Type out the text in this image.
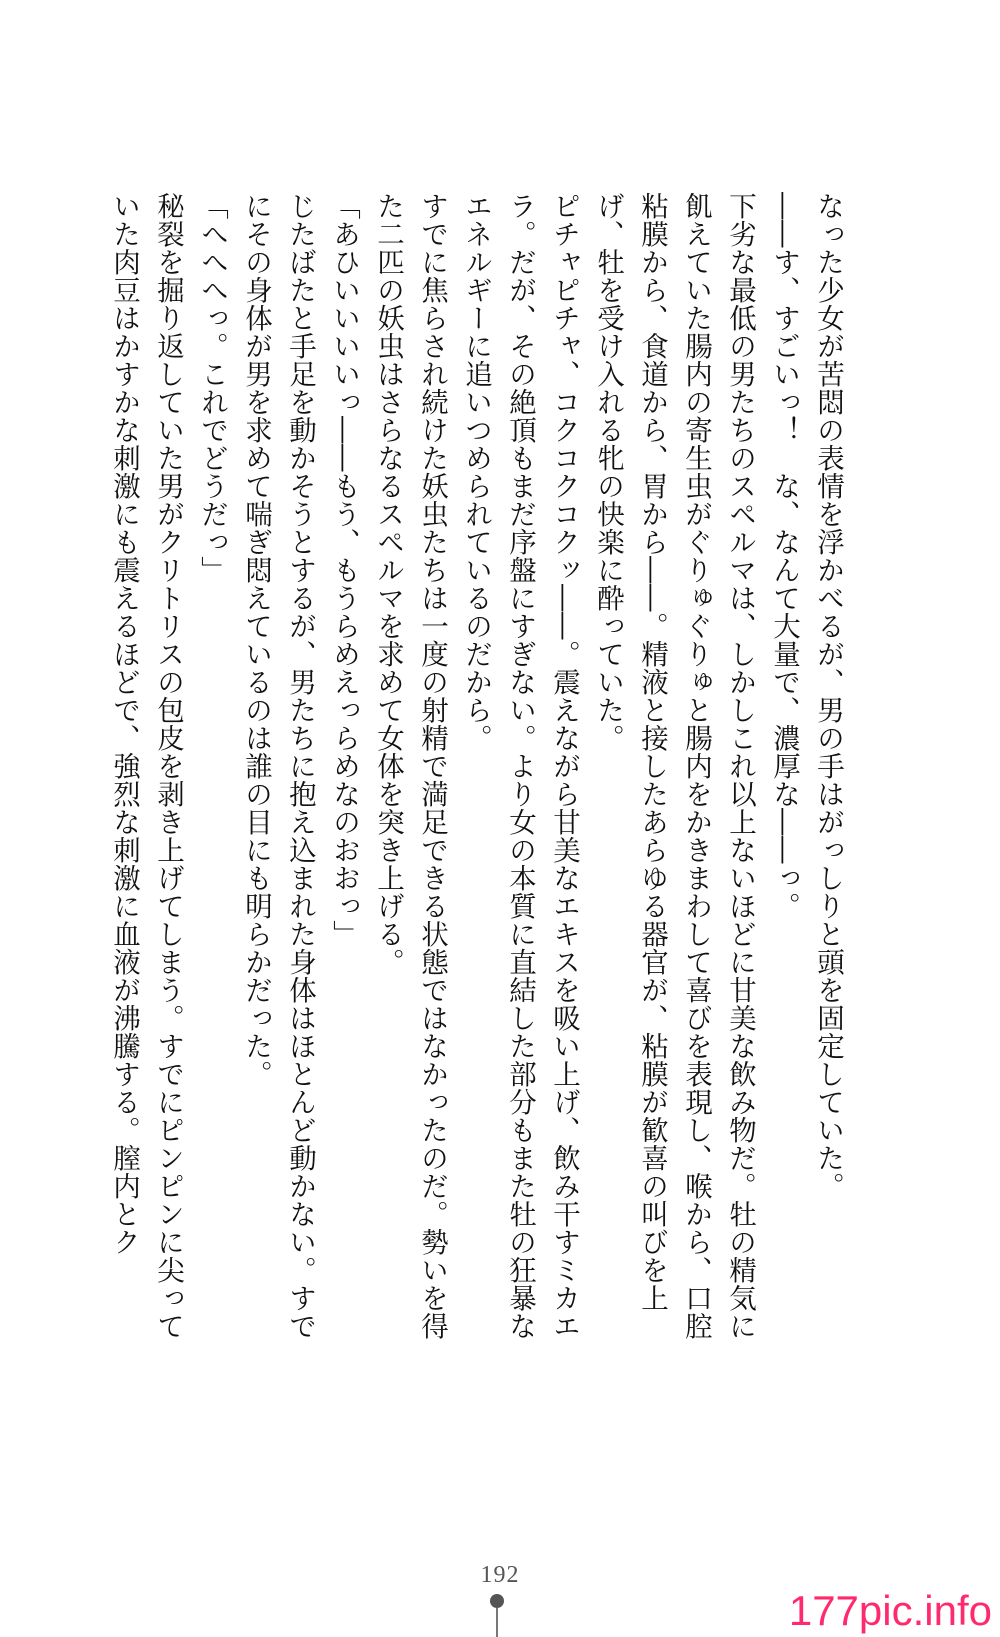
なった少女が苦悶の表情を浮かべるが、男の手はがっしりと頭を固定していた。

――す、すごいっ！　な、なんて大量で、濃厚な――っ。

下劣な最低の男たちのスペルマは、しかしこれ以上ないほどに甘美な飲み物だ。牡の精気に飢えていた腸内の寄生虫がぐりゅぐりゅと腸内をかきまわして喜びを表現し、喉から、口腔粘膜から、食道から、胃から――。精液と接したあらゆる器官が、粘膜が歓喜の叫びを上げ、牡を受け入れる牝の快楽に酔っていた。

ピチャピチャ、コクコクコクッ――。震えながら甘美なエキスを吸い上げ、飲み干すミカエラ。だが、その絶頂もまだ序盤にすぎない。より女の本質に直結した部分もまた牡の狂暴なエネルギーに追いつめられているのだから。

すでに焦らされ続けた妖虫たちは一度の射精で満足できる状態ではなかったのだ。勢いを得た二匹の妖虫はさらなるスペルマを求めて女体を突き上げる。

「あひいいいいっ――もう、もうらめえっらめなのおおっ」

じたばたと手足を動かそうとするが、男たちに抱え込まれた身体はほとんど動かない。すでにその身体が男を求めて喘ぎ悶えているのは誰の目にも明らかだった。

「へへへっ。これでどうだっ」

秘裂を掘り返していた男がクリトリスの包皮を剥き上げてしまう。すでにピンピンに尖っていた肉豆はかすかな刺激にも震えるほどで、強烈な刺激に血液が沸騰する。膣内とク

192
177pic.info
